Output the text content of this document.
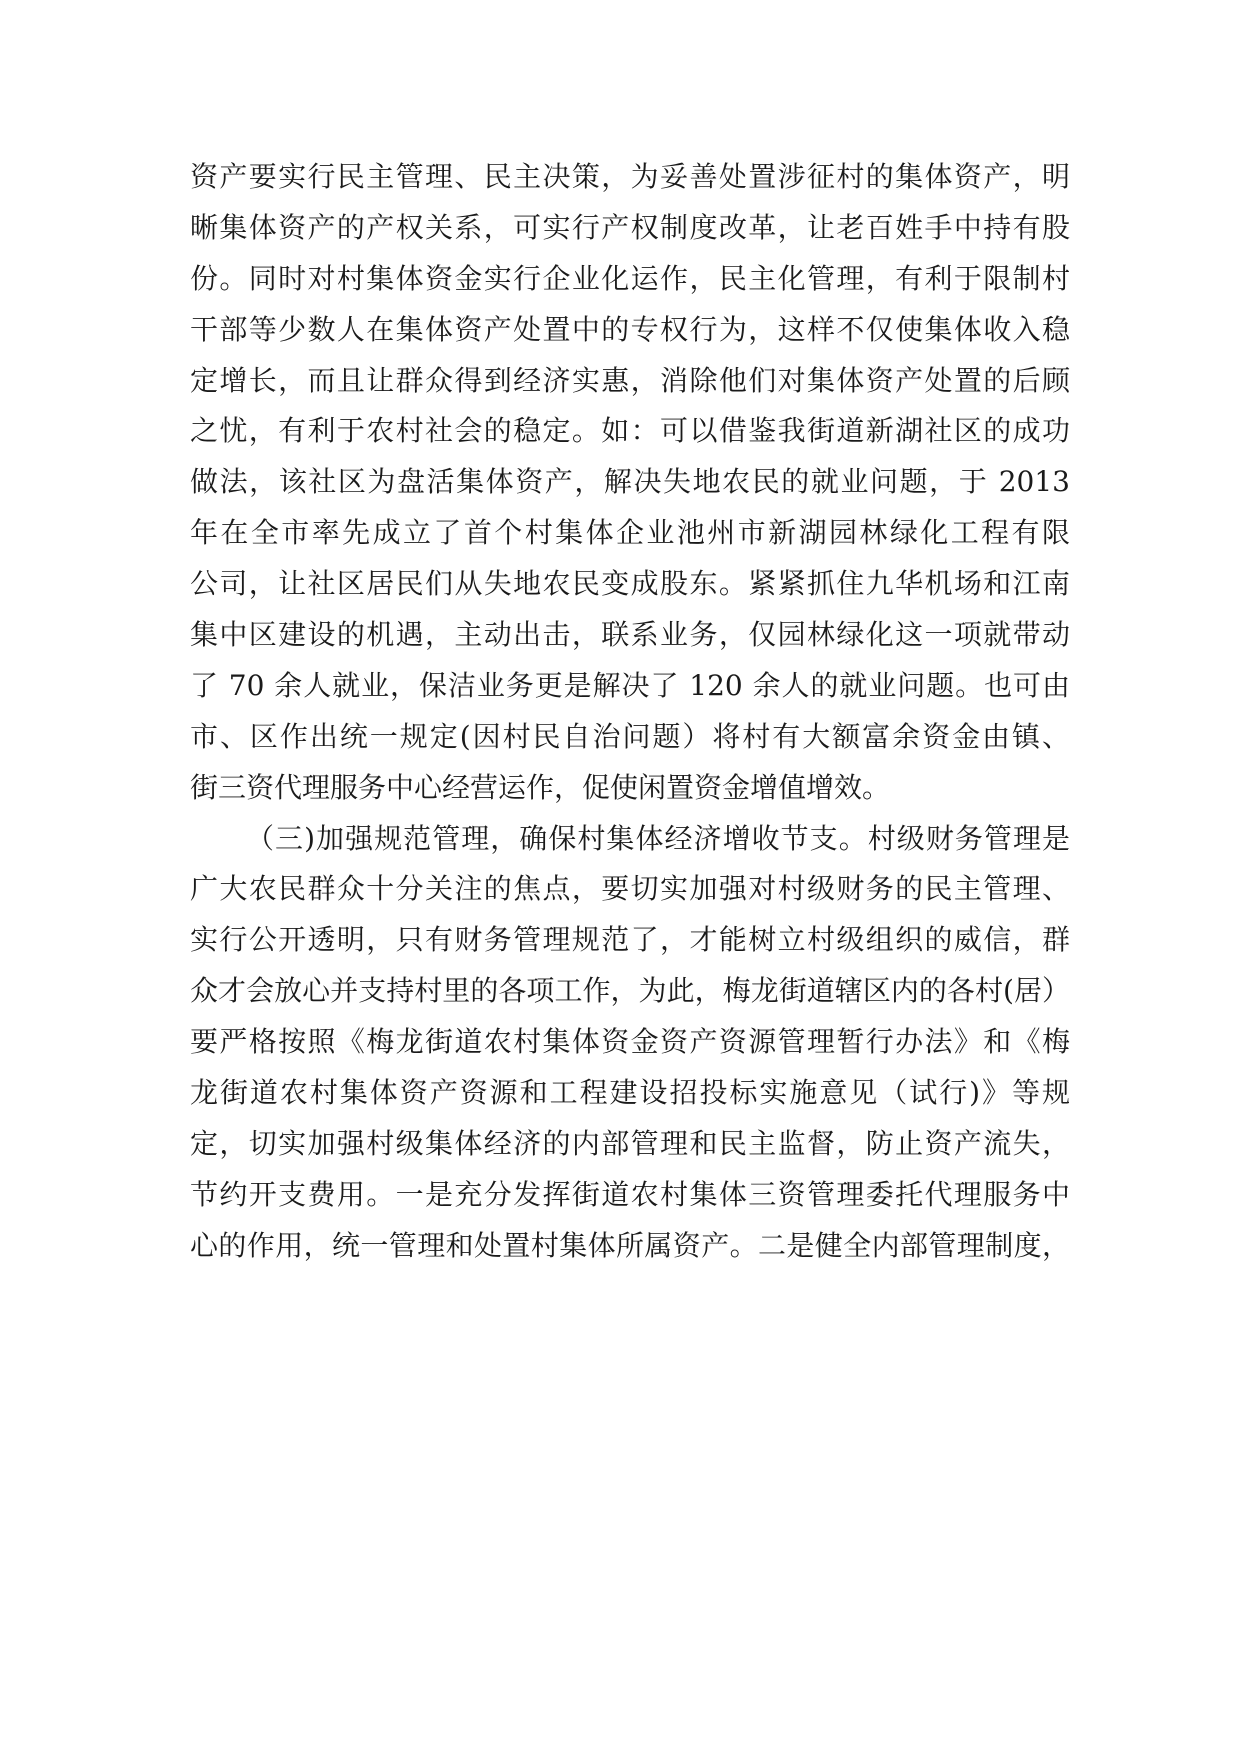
资产要实行民主管理、民主决策，为妥善处置涉征村的集体资产，明
晰集体资产的产权关系，可实行产权制度改革，让老百姓手中持有股
份。同时对村集体资金实行企业化运作，民主化管理，有利于限制村
干部等少数人在集体资产处置中的专权行为，这样不仅使集体收入稳
定增长，而且让群众得到经济实惠，消除他们对集体资产处置的后顾
之忧，有利于农村社会的稳定。如：可以借鉴我街道新湖社区的成功
做法，该社区为盘活集体资产，解决失地农民的就业问题，于 2013
年在全市率先成立了首个村集体企业池州市新湖园林绿化工程有限
公司，让社区居民们从失地农民变成股东。紧紧抓住九华机场和江南
集中区建设的机遇，主动出击，联系业务，仅园林绿化这一项就带动
了 70 余人就业，保洁业务更是解决了 120 余人的就业问题。也可由
市、区作出统一规定(因村民自治问题）将村有大额富余资金由镇、
街三资代理服务中心经营运作，促使闲置资金增值增效。
（三)加强规范管理，确保村集体经济增收节支。村级财务管理是
广大农民群众十分关注的焦点，要切实加强对村级财务的民主管理、
实行公开透明，只有财务管理规范了，才能树立村级组织的威信，群
众才会放心并支持村里的各项工作，为此，梅龙街道辖区内的各村(居）
要严格按照《梅龙街道农村集体资金资产资源管理暂行办法》和《梅
龙街道农村集体资产资源和工程建设招投标实施意见（试行)》等规
定，切实加强村级集体经济的内部管理和民主监督，防止资产流失，
节约开支费用。一是充分发挥街道农村集体三资管理委托代理服务中
心的作用，统一管理和处置村集体所属资产。二是健全内部管理制度，
